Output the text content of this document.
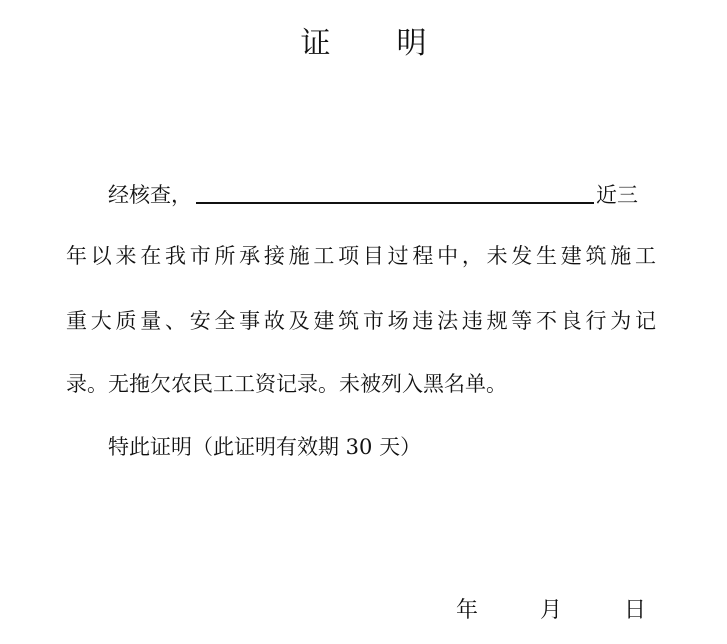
证 明
经核查，	近三
年以来在我市所承接施工项目过程中，未发生建筑施工
重大质量、安全事故及建筑市场违法违规等不良行为记
录。无拖欠农民工工资记录。未被列入黑名单。
特此证明（此证明有效期 30 天）
年	月	日
